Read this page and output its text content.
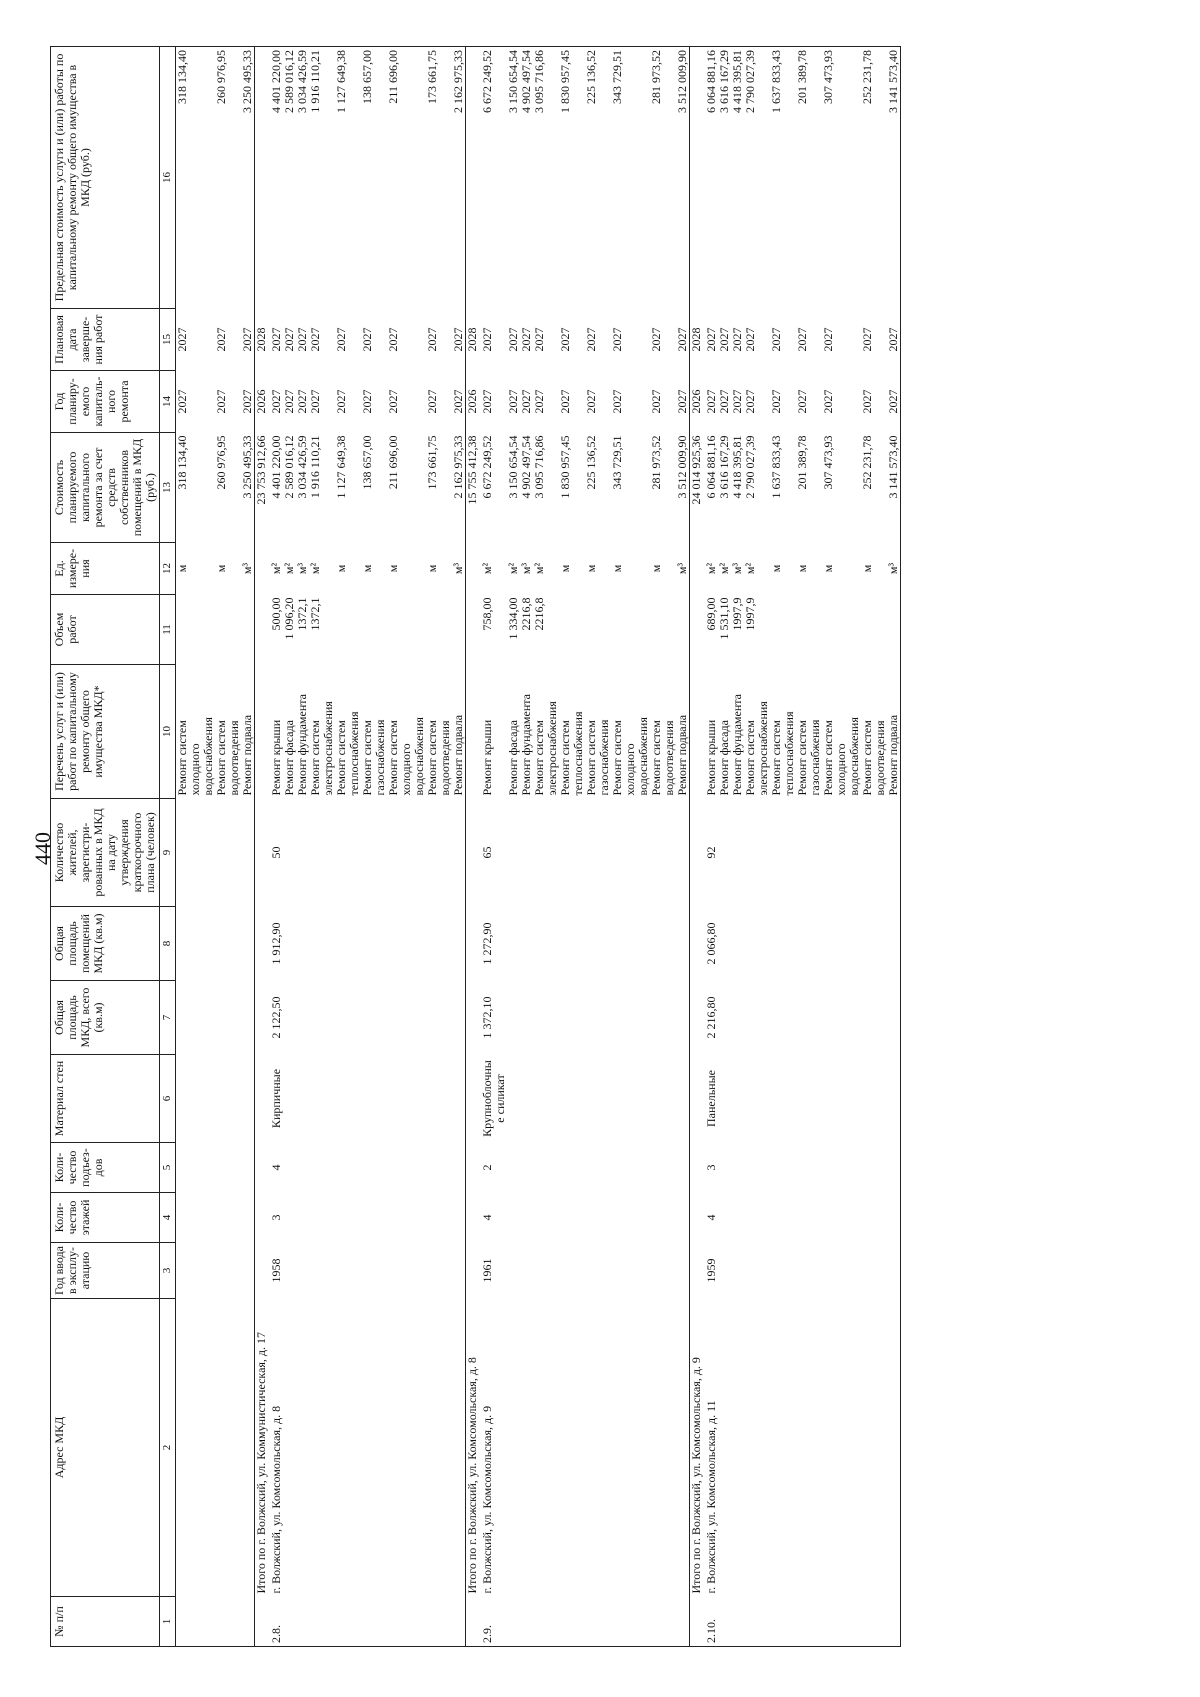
440
№ п/п	Адрес МКД	Год ввода в эксплу-атацию	Коли-чество этажей	Коли-чество подъез-дов	Материал стен	Общая площадь МКД, всего (кв.м)	Общая площадь помещений МКД (кв.м)	Количество жителей, зарегистри-рованных в МКД на дату утверждения краткосрочного плана (человек)	Перечень услуг и (или) работ по капитальному ремонту общего имущества МКД*	Объем работ	Ед. измере-ния	Стоимость планируемого капитального ремонта за счет средств собственников помещений в МКД (руб.)	Год планиру-емого капиталь-ного ремонта	Плановая дата заверше-ния работ	Предельная стоимость услуги и (или) работы по капитальному ремонту общего имущества в МКД (руб.)
1	2	3	4	5	6	7	8	9	10	11	12	13	14	15	16
									Ремонт систем холодного водоснабжения		м	318 134,40	2027	2027	318 134,40
									Ремонт систем водоотведения		м	260 976,95	2027	2027	260 976,95
									Ремонт подвала		м³	3 250 495,33	2027	2027	3 250 495,33
	Итого по г. Волжский, ул. Коммунистическая, д. 17											23 753 912,66	2026	2028	
2.8.	г. Волжский, ул. Комсомольская, д. 8	1958	3	4	Кирпичные	2 122,50	1 912,90	50	Ремонт крыши	500,00	м²	4 401 220,00	2027	2027	4 401 220,00
									Ремонт фасада	1 096,20	м²	2 589 016,12	2027	2027	2 589 016,12
									Ремонт фундамента	1372,1	м³	3 034 426,59	2027	2027	3 034 426,59
									Ремонт систем электроснабжения	1372,1	м²	1 916 110,21	2027	2027	1 916 110,21
									Ремонт систем теплоснабжения		м	1 127 649,38	2027	2027	1 127 649,38
									Ремонт систем газоснабжения		м	138 657,00	2027	2027	138 657,00
									Ремонт систем холодного водоснабжения		м	211 696,00	2027	2027	211 696,00
									Ремонт систем водоотведения		м	173 661,75	2027	2027	173 661,75
									Ремонт подвала		м³	2 162 975,33	2027	2027	2 162 975,33
	Итого по г. Волжский, ул. Комсомольская, д. 8											15 755 412,38	2026	2028	
2.9.	г. Волжский, ул. Комсомольская, д. 9	1961	4	2	Крупноблочны е силикат	1 372,10	1 272,90	65	Ремонт крыши	758,00	м²	6 672 249,52	2027	2027	6 672 249,52
									Ремонт фасада	1 334,00	м²	3 150 654,54	2027	2027	3 150 654,54
									Ремонт фундамента	2216,8	м³	4 902 497,54	2027	2027	4 902 497,54
									Ремонт систем электроснабжения	2216,8	м²	3 095 716,86	2027	2027	3 095 716,86
									Ремонт систем теплоснабжения		м	1 830 957,45	2027	2027	1 830 957,45
									Ремонт систем газоснабжения		м	225 136,52	2027	2027	225 136,52
									Ремонт систем холодного водоснабжения		м	343 729,51	2027	2027	343 729,51
									Ремонт систем водоотведения		м	281 973,52	2027	2027	281 973,52
									Ремонт подвала		м³	3 512 009,90	2027	2027	3 512 009,90
	Итого по г. Волжский, ул. Комсомольская, д. 9											24 014 925,36	2026	2028	
2.10.	г. Волжский, ул. Комсомольская, д. 11	1959	4	3	Панельные	2 216,80	2 066,80	92	Ремонт крыши	689,00	м²	6 064 881,16	2027	2027	6 064 881,16
									Ремонт фасада	1 531,10	м²	3 616 167,29	2027	2027	3 616 167,29
									Ремонт фундамента	1997,9	м³	4 418 395,81	2027	2027	4 418 395,81
									Ремонт систем электроснабжения	1997,9	м²	2 790 027,39	2027	2027	2 790 027,39
									Ремонт систем теплоснабжения		м	1 637 833,43	2027	2027	1 637 833,43
									Ремонт систем газоснабжения		м	201 389,78	2027	2027	201 389,78
									Ремонт систем холодного водоснабжения		м	307 473,93	2027	2027	307 473,93
									Ремонт систем водоотведения		м	252 231,78	2027	2027	252 231,78
									Ремонт подвала		м³	3 141 573,40	2027	2027	3 141 573,40
